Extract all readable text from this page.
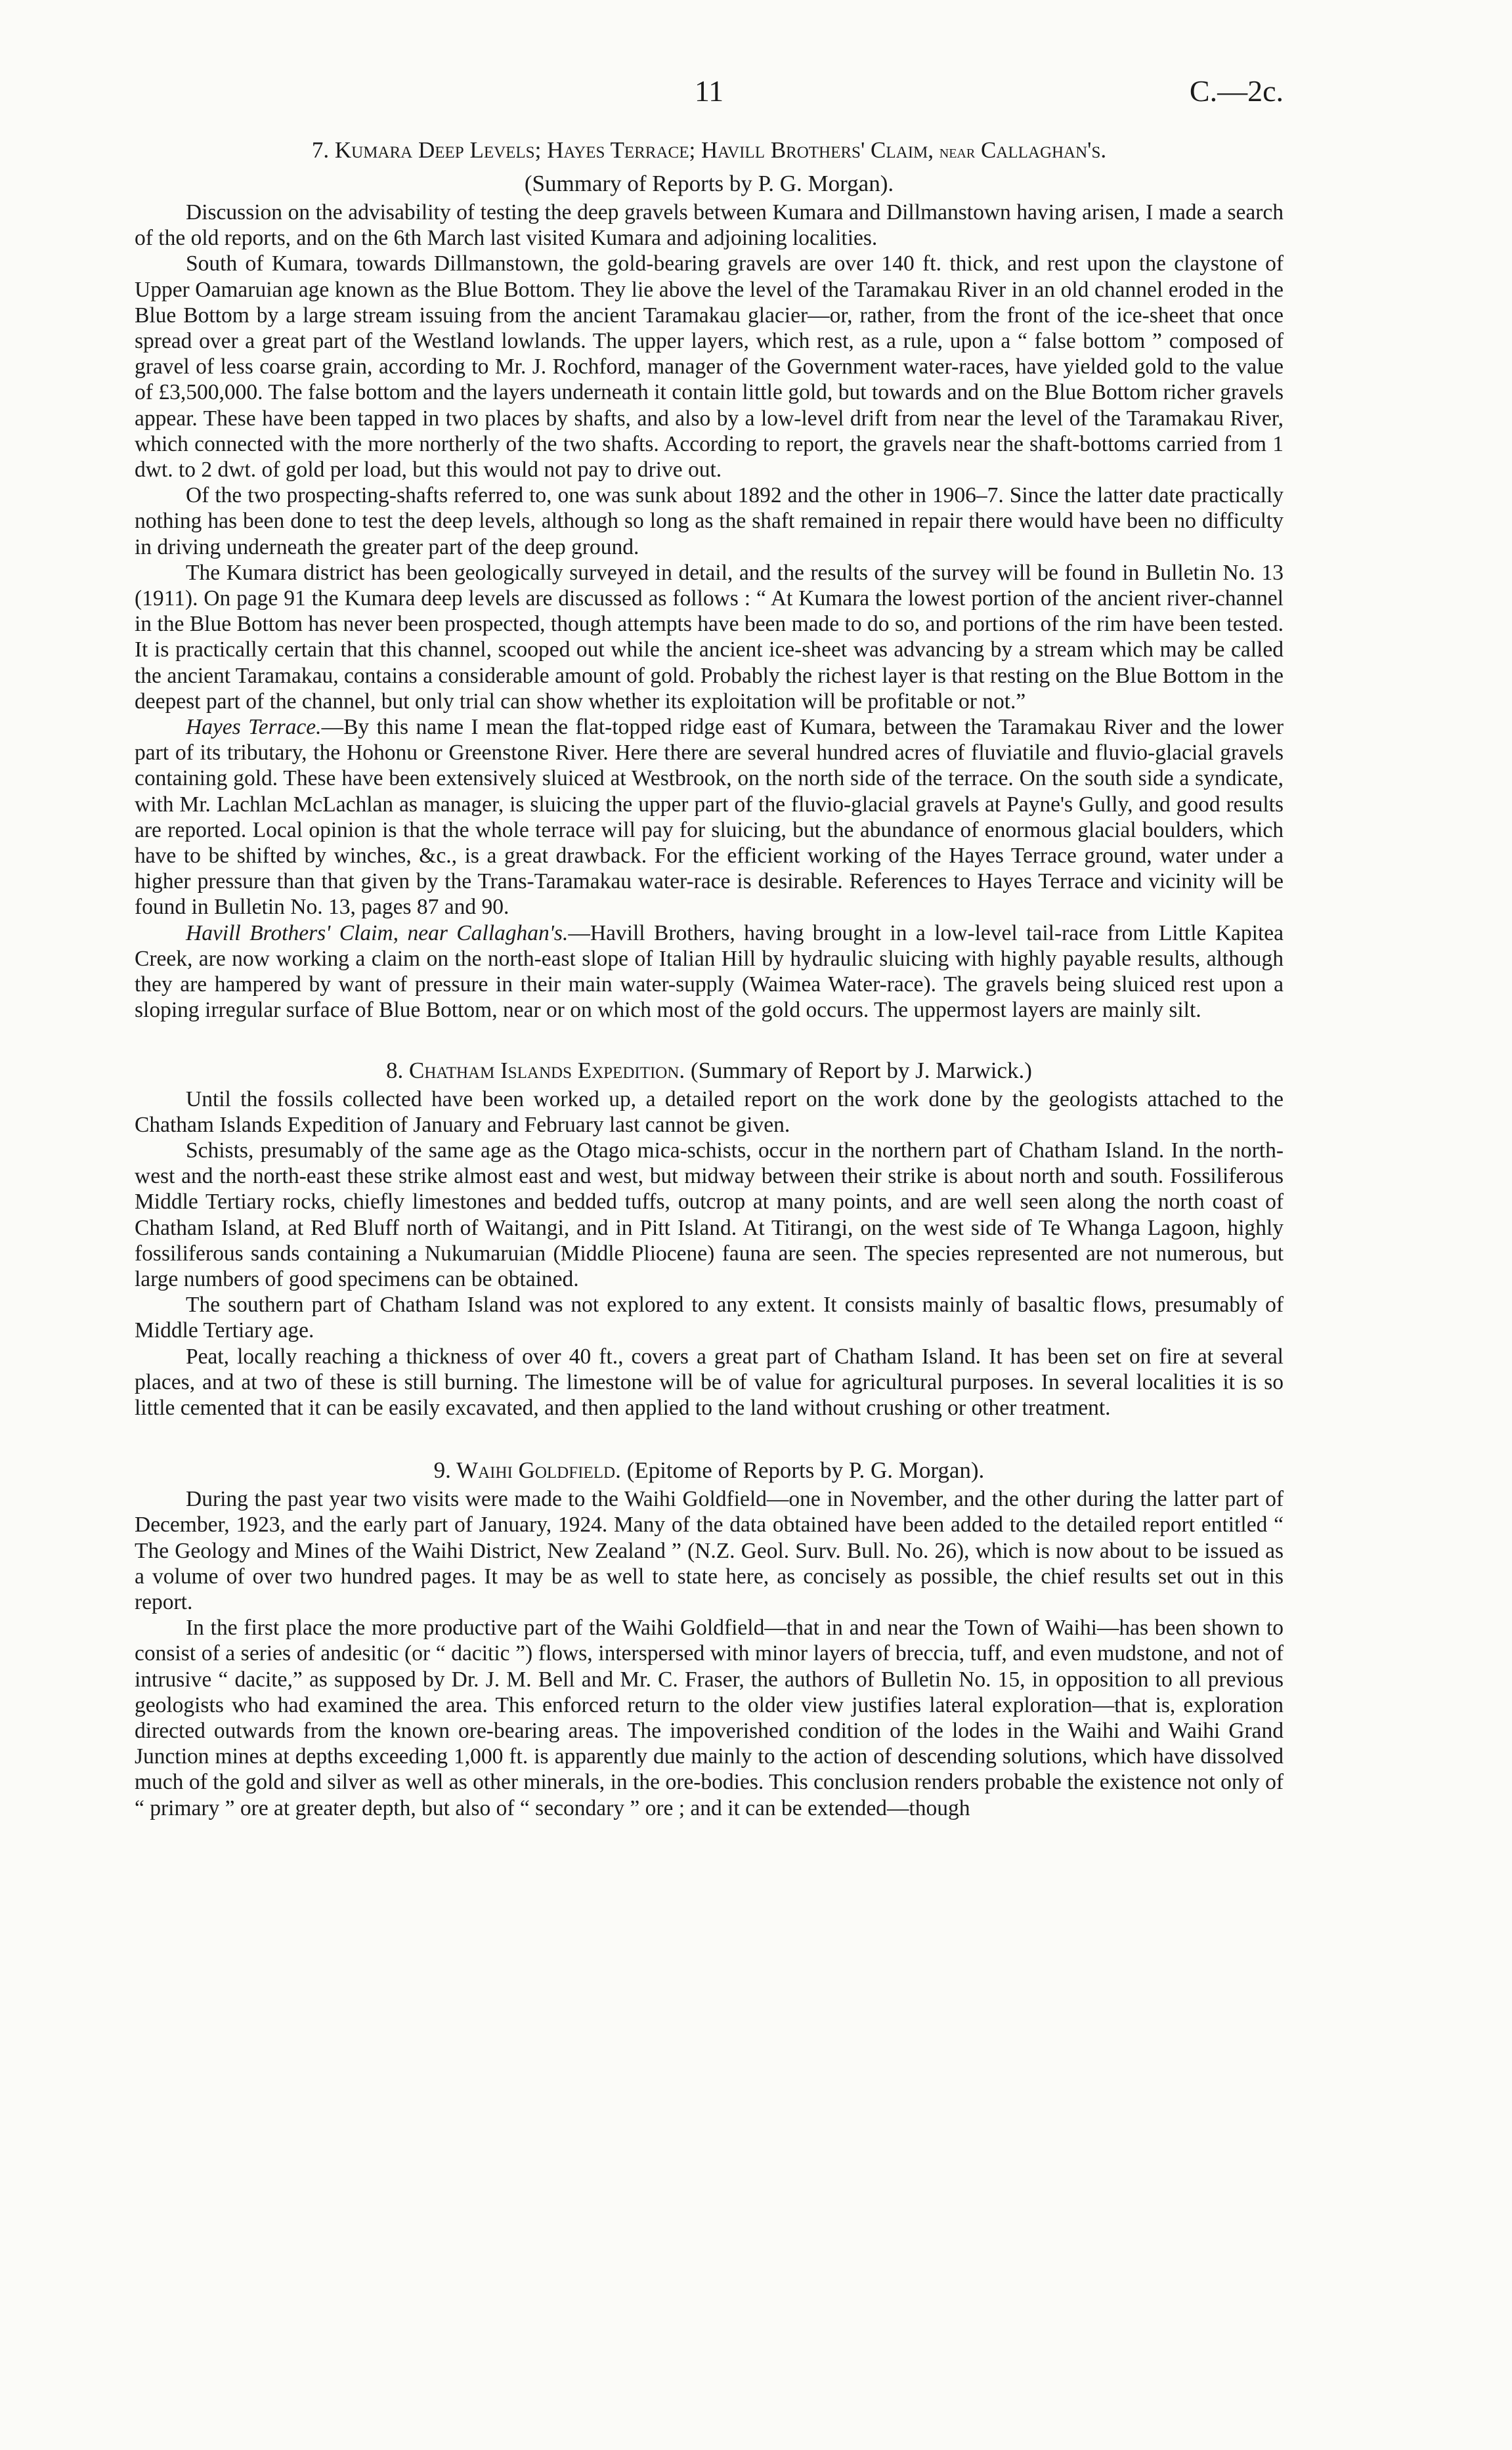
11	C.—2c.
7. Kumara Deep Levels; Hayes Terrace; Havill Brothers' Claim, near Callaghan's.
(Summary of Reports by P. G. Morgan).

Discussion on the advisability of testing the deep gravels between Kumara and Dillmanstown having arisen, I made a search of the old reports, and on the 6th March last visited Kumara and adjoining localities.

South of Kumara, towards Dillmanstown, the gold-bearing gravels are over 140 ft. thick, and rest upon the claystone of Upper Oamaruian age known as the Blue Bottom. They lie above the level of the Taramakau River in an old channel eroded in the Blue Bottom by a large stream issuing from the ancient Taramakau glacier—or, rather, from the front of the ice-sheet that once spread over a great part of the Westland lowlands. The upper layers, which rest, as a rule, upon a “ false bottom ” composed of gravel of less coarse grain, according to Mr. J. Rochford, manager of the Government water-races, have yielded gold to the value of £3,500,000. The false bottom and the layers underneath it contain little gold, but towards and on the Blue Bottom richer gravels appear. These have been tapped in two places by shafts, and also by a low-level drift from near the level of the Taramakau River, which connected with the more northerly of the two shafts. According to report, the gravels near the shaft-bottoms carried from 1 dwt. to 2 dwt. of gold per load, but this would not pay to drive out.

Of the two prospecting-shafts referred to, one was sunk about 1892 and the other in 1906–7. Since the latter date practically nothing has been done to test the deep levels, although so long as the shaft remained in repair there would have been no difficulty in driving underneath the greater part of the deep ground.

The Kumara district has been geologically surveyed in detail, and the results of the survey will be found in Bulletin No. 13 (1911). On page 91 the Kumara deep levels are discussed as follows : “ At Kumara the lowest portion of the ancient river-channel in the Blue Bottom has never been prospected, though attempts have been made to do so, and portions of the rim have been tested. It is practically certain that this channel, scooped out while the ancient ice-sheet was advancing by a stream which may be called the ancient Taramakau, contains a considerable amount of gold. Probably the richest layer is that resting on the Blue Bottom in the deepest part of the channel, but only trial can show whether its exploitation will be profitable or not.”

Hayes Terrace.—By this name I mean the flat-topped ridge east of Kumara, between the Taramakau River and the lower part of its tributary, the Hohonu or Greenstone River. Here there are several hundred acres of fluviatile and fluvio-glacial gravels containing gold. These have been extensively sluiced at Westbrook, on the north side of the terrace. On the south side a syndicate, with Mr. Lachlan McLachlan as manager, is sluicing the upper part of the fluvio-glacial gravels at Payne's Gully, and good results are reported. Local opinion is that the whole terrace will pay for sluicing, but the abundance of enormous glacial boulders, which have to be shifted by winches, &c., is a great drawback. For the efficient working of the Hayes Terrace ground, water under a higher pressure than that given by the Trans-Taramakau water-race is desirable. References to Hayes Terrace and vicinity will be found in Bulletin No. 13, pages 87 and 90.

Havill Brothers' Claim, near Callaghan's.—Havill Brothers, having brought in a low-level tail-race from Little Kapitea Creek, are now working a claim on the north-east slope of Italian Hill by hydraulic sluicing with highly payable results, although they are hampered by want of pressure in their main water-supply (Waimea Water-race). The gravels being sluiced rest upon a sloping irregular surface of Blue Bottom, near or on which most of the gold occurs. The uppermost layers are mainly silt.

8. Chatham Islands Expedition. (Summary of Report by J. Marwick.)

Until the fossils collected have been worked up, a detailed report on the work done by the geologists attached to the Chatham Islands Expedition of January and February last cannot be given.

Schists, presumably of the same age as the Otago mica-schists, occur in the northern part of Chatham Island. In the north-west and the north-east these strike almost east and west, but midway between their strike is about north and south. Fossiliferous Middle Tertiary rocks, chiefly limestones and bedded tuffs, outcrop at many points, and are well seen along the north coast of Chatham Island, at Red Bluff north of Waitangi, and in Pitt Island. At Titirangi, on the west side of Te Whanga Lagoon, highly fossiliferous sands containing a Nukumaruian (Middle Pliocene) fauna are seen. The species represented are not numerous, but large numbers of good specimens can be obtained.

The southern part of Chatham Island was not explored to any extent. It consists mainly of basaltic flows, presumably of Middle Tertiary age.

Peat, locally reaching a thickness of over 40 ft., covers a great part of Chatham Island. It has been set on fire at several places, and at two of these is still burning. The limestone will be of value for agricultural purposes. In several localities it is so little cemented that it can be easily excavated, and then applied to the land without crushing or other treatment.

9. Waihi Goldfield. (Epitome of Reports by P. G. Morgan).

During the past year two visits were made to the Waihi Goldfield—one in November, and the other during the latter part of December, 1923, and the early part of January, 1924. Many of the data obtained have been added to the detailed report entitled “ The Geology and Mines of the Waihi District, New Zealand ” (N.Z. Geol. Surv. Bull. No. 26), which is now about to be issued as a volume of over two hundred pages. It may be as well to state here, as concisely as possible, the chief results set out in this report.

In the first place the more productive part of the Waihi Goldfield—that in and near the Town of Waihi—has been shown to consist of a series of andesitic (or “ dacitic ”) flows, interspersed with minor layers of breccia, tuff, and even mudstone, and not of intrusive “ dacite,” as supposed by Dr. J. M. Bell and Mr. C. Fraser, the authors of Bulletin No. 15, in opposition to all previous geologists who had examined the area. This enforced return to the older view justifies lateral exploration—that is, exploration directed outwards from the known ore-bearing areas. The impoverished condition of the lodes in the Waihi and Waihi Grand Junction mines at depths exceeding 1,000 ft. is apparently due mainly to the action of descending solutions, which have dissolved much of the gold and silver as well as other minerals, in the ore-bodies. This conclusion renders probable the existence not only of “ primary ” ore at greater depth, but also of “ secondary ” ore ; and it can be extended—though
